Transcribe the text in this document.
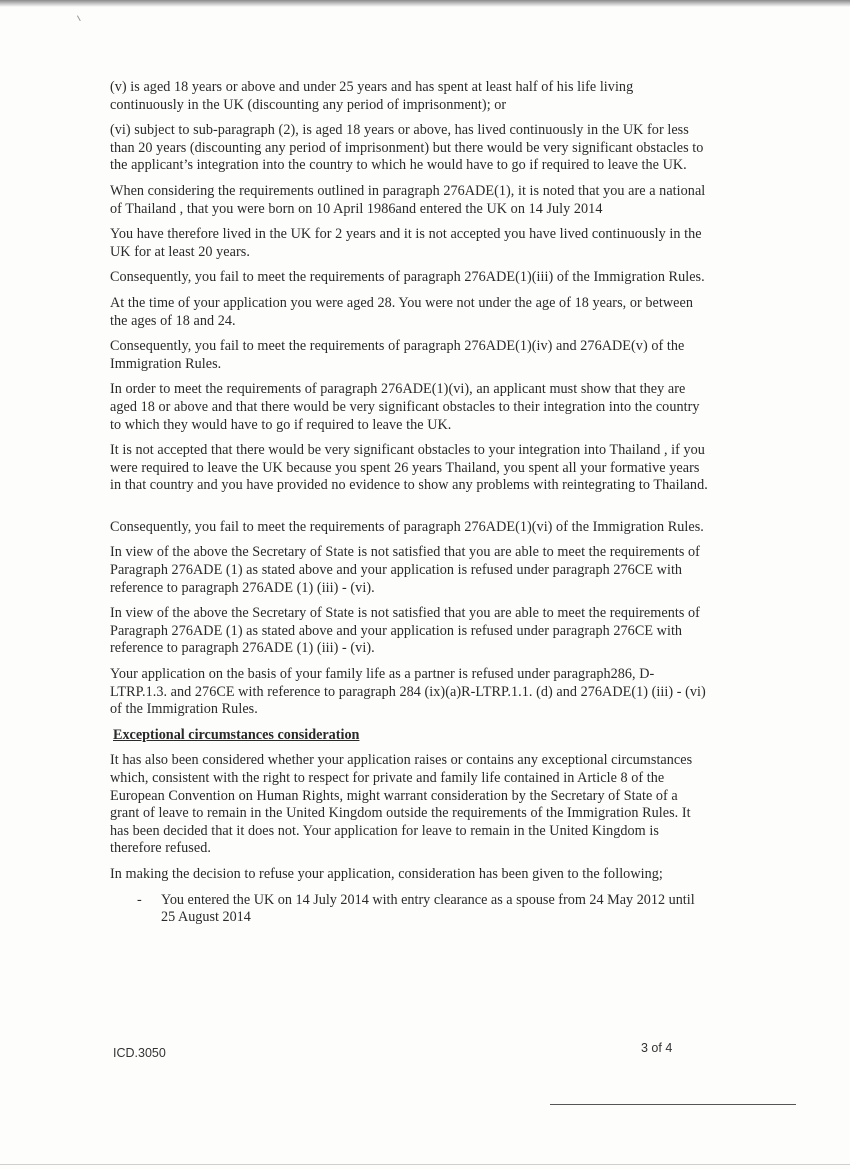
(v) is aged 18 years or above and under 25 years and has spent at least half of his life living continuously in the UK (discounting any period of imprisonment); or

(vi) subject to sub-paragraph (2), is aged 18 years or above, has lived continuously in the UK for less than 20 years (discounting any period of imprisonment) but there would be very significant obstacles to the applicant’s integration into the country to which he would have to go if required to leave the UK.

When considering the requirements outlined in paragraph 276ADE(1), it is noted that you are a national of Thailand , that you were born on 10 April 1986and entered the UK on 14 July 2014

You have therefore lived in the UK for 2 years and it is not accepted you have lived continuously in the UK for at least 20 years.

Consequently, you fail to meet the requirements of paragraph 276ADE(1)(iii) of the Immigration Rules.

At the time of your application you were aged 28. You were not under the age of 18 years, or between the ages of 18 and 24.

Consequently, you fail to meet the requirements of paragraph 276ADE(1)(iv) and 276ADE(v) of the Immigration Rules.

In order to meet the requirements of paragraph 276ADE(1)(vi), an applicant must show that they are aged 18 or above and that there would be very significant obstacles to their integration into the country to which they would have to go if required to leave the UK.

It is not accepted that there would be very significant obstacles to your integration into Thailand , if you were required to leave the UK because you spent 26 years Thailand, you spent all your formative years in that country and you have provided no evidence to show any problems with reintegrating to Thailand.

Consequently, you fail to meet the requirements of paragraph 276ADE(1)(vi) of the Immigration Rules.

In view of the above the Secretary of State is not satisfied that you are able to meet the requirements of Paragraph 276ADE (1) as stated above and your application is refused under paragraph 276CE with reference to paragraph 276ADE (1) (iii) - (vi).

In view of the above the Secretary of State is not satisfied that you are able to meet the requirements of Paragraph 276ADE (1) as stated above and your application is refused under paragraph 276CE with reference to paragraph 276ADE (1) (iii) - (vi).

Your application on the basis of your family life as a partner is refused under paragraph286, D-LTRP.1.3. and 276CE with reference to paragraph 284 (ix)(a)R-LTRP.1.1. (d) and 276ADE(1) (iii) - (vi) of the Immigration Rules.

Exceptional circumstances consideration

It has also been considered whether your application raises or contains any exceptional circumstances which, consistent with the right to respect for private and family life contained in Article 8 of the European Convention on Human Rights, might warrant consideration by the Secretary of State of a grant of leave to remain in the United Kingdom outside the requirements of the Immigration Rules. It has been decided that it does not. Your application for leave to remain in the United Kingdom is therefore refused.

In making the decision to refuse your application, consideration has been given to the following;

-	You entered the UK on 14 July 2014 with entry clearance as a spouse from 24 May 2012 until 25 August 2014
ICD.3050	3 of 4
